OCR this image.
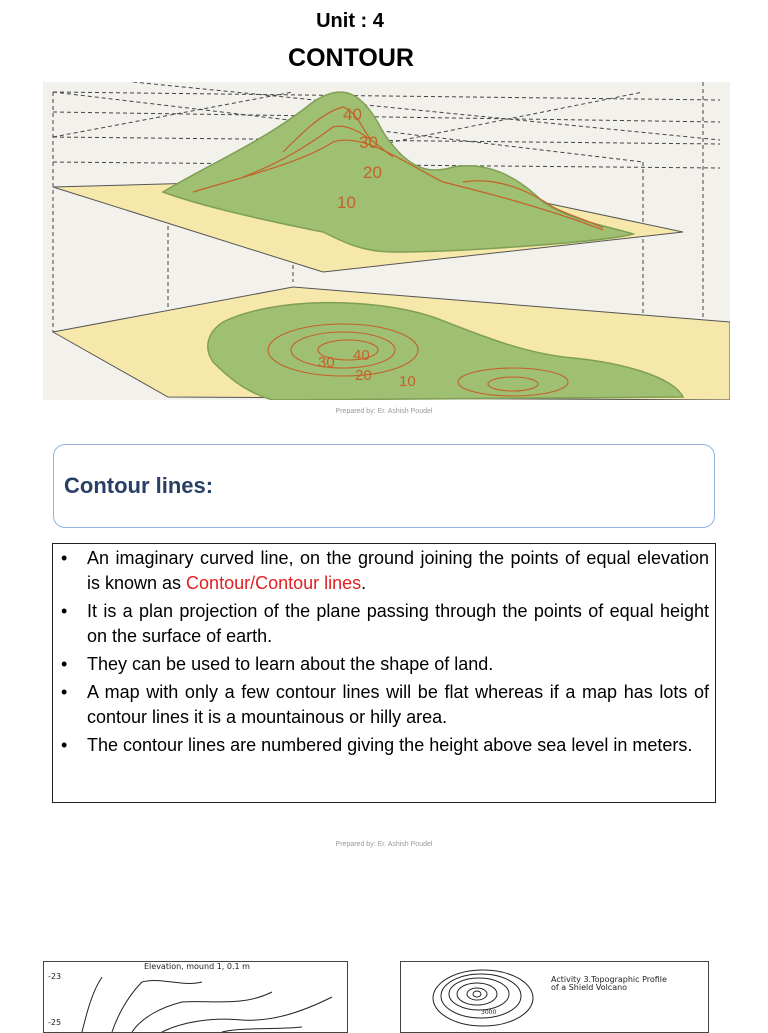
Unit : 4
CONTOUR
40
30
20
10
30 40
20 10
Prepared by: Er. Ashish Poudel
Contour lines:
• An imaginary curved line, on the ground joining the points of equal elevation is known as Contour/Contour lines.
• It is a plan projection of the plane passing through the points of equal height on the surface of earth.
• They can be used to learn about the shape of land.
• A map with only a few contour lines will be flat whereas if a map has lots of contour lines it is a mountainous or hilly area.
• The contour lines are numbered giving the height above sea level in meters.
Prepared by: Er. Ashish Poudel
Elevation, mound 1, 0.1 m
-23
-25
Activity 3.Topographic Profile of a Shield Volcano
3000
